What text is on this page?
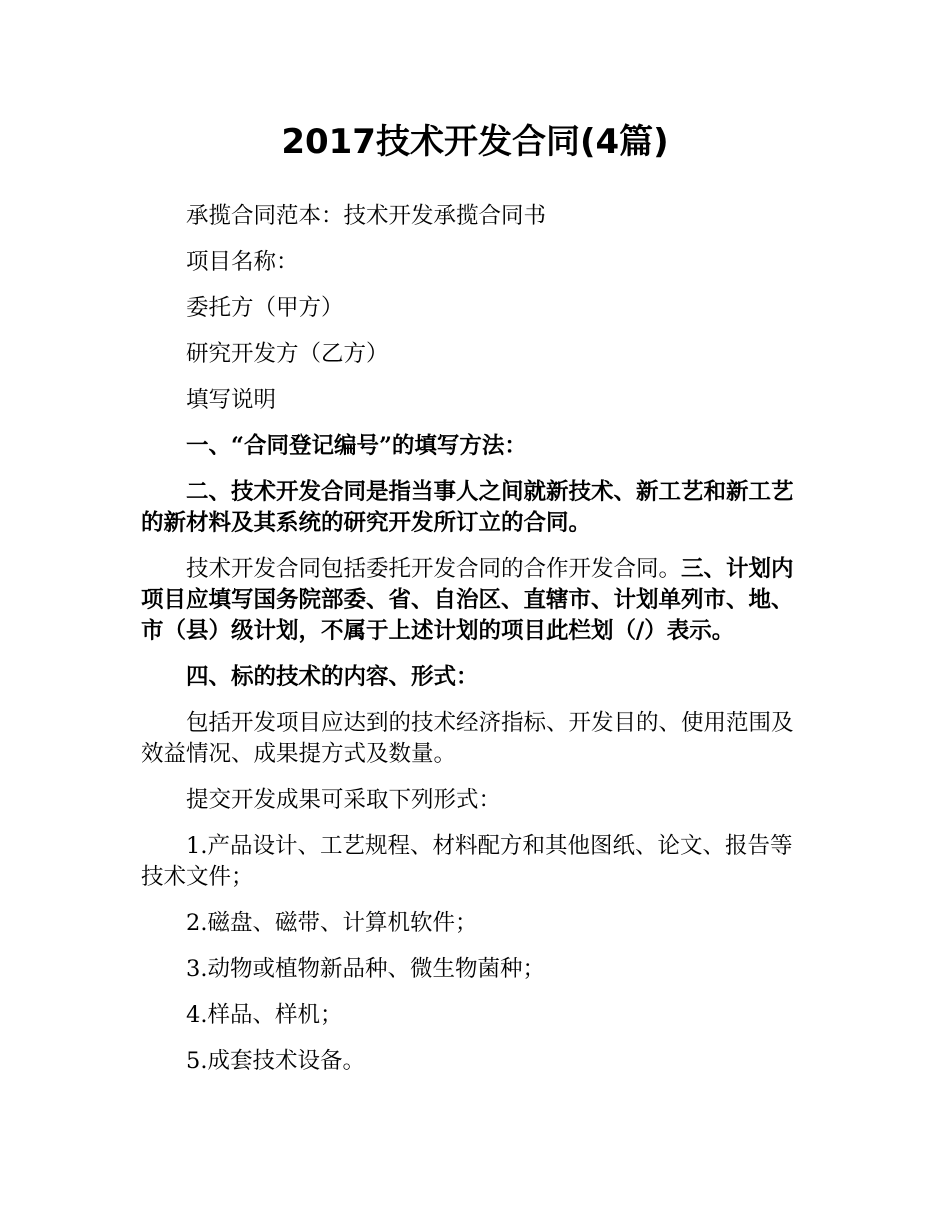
2017技术开发合同(4篇)

承揽合同范本：技术开发承揽合同书

项目名称：

委托方（甲方）

研究开发方（乙方）

填写说明

一、“合同登记编号”的填写方法：

二、技术开发合同是指当事人之间就新技术、新工艺和新工艺的新材料及其系统的研究开发所订立的合同。

技术开发合同包括委托开发合同的合作开发合同。三、计划内项目应填写国务院部委、省、自治区、直辖市、计划单列市、地、市（县）级计划，不属于上述计划的项目此栏划（/）表示。

四、标的技术的内容、形式：

包括开发项目应达到的技术经济指标、开发目的、使用范围及效益情况、成果提方式及数量。

提交开发成果可采取下列形式：

1.产品设计、工艺规程、材料配方和其他图纸、论文、报告等技术文件；

2.磁盘、磁带、计算机软件；

3.动物或植物新品种、微生物菌种；

4.样品、样机；

5.成套技术设备。
